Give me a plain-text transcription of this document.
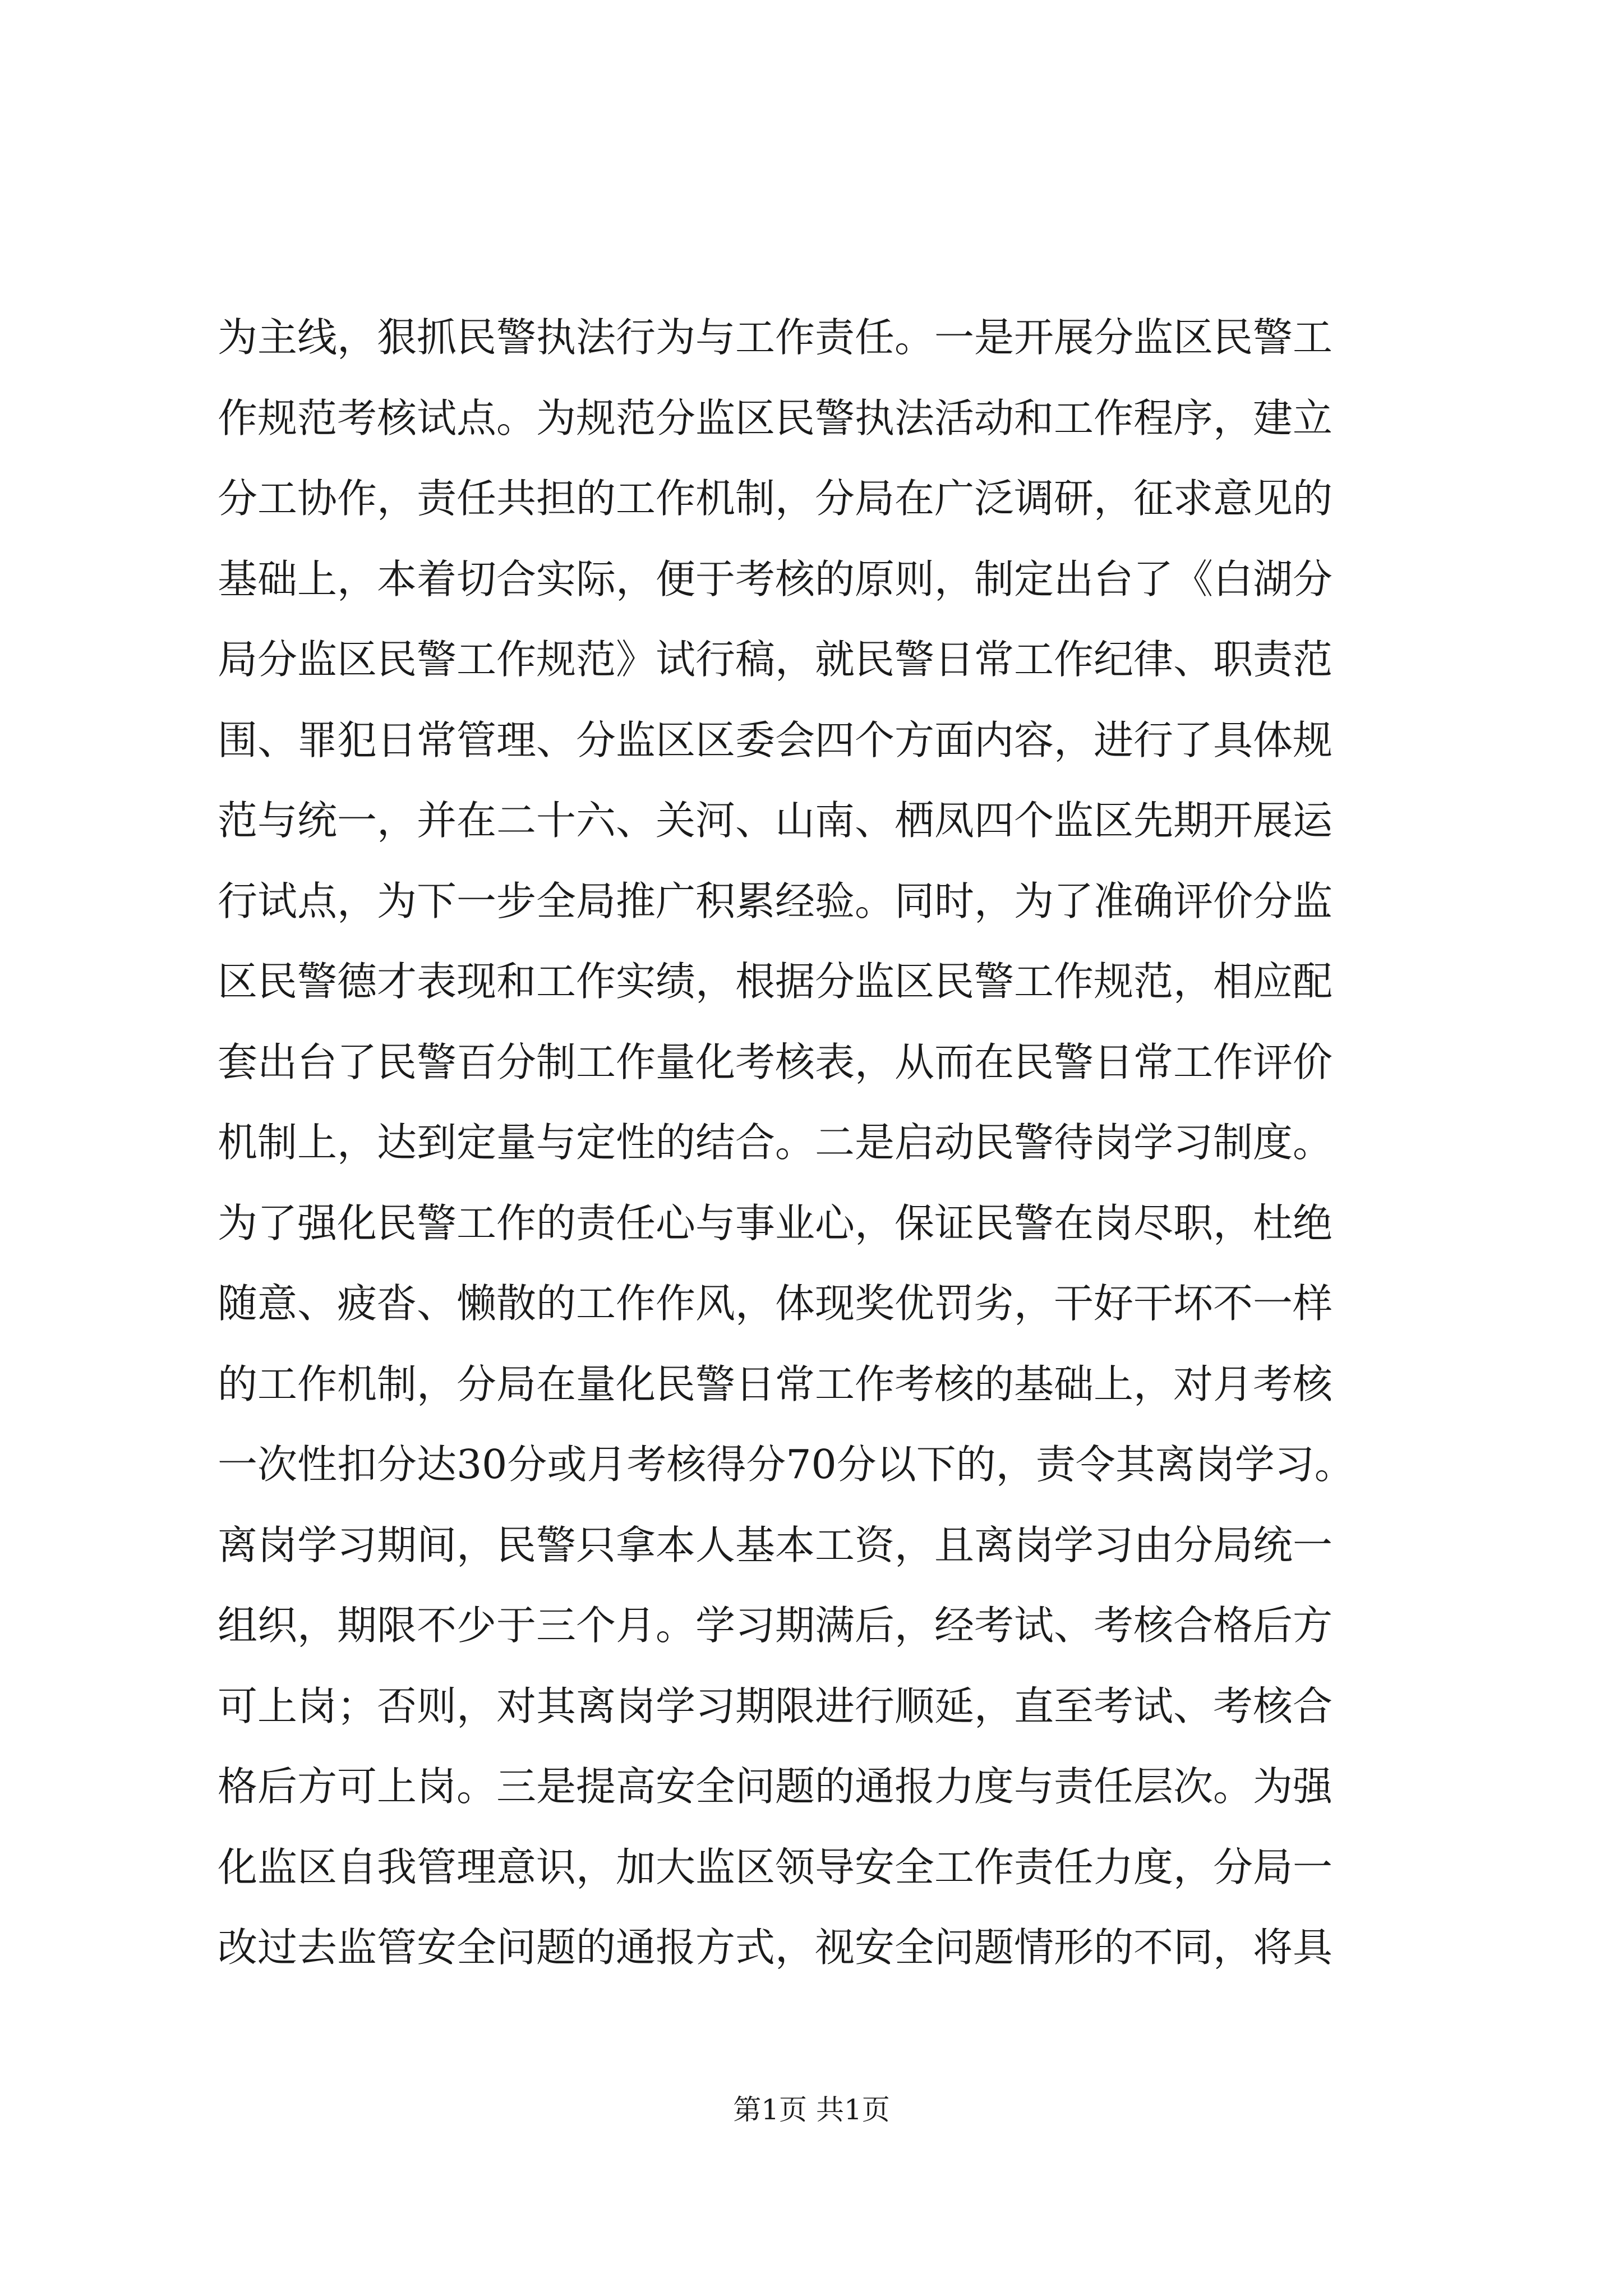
为主线，狠抓民警执法行为与工作责任。一是开展分监区民警工
作规范考核试点。为规范分监区民警执法活动和工作程序，建立
分工协作，责任共担的工作机制，分局在广泛调研，征求意见的
基础上，本着切合实际，便于考核的原则，制定出台了《白湖分
局分监区民警工作规范》试行稿，就民警日常工作纪律、职责范
围、罪犯日常管理、分监区区委会四个方面内容，进行了具体规
范与统一，并在二十六、关河、山南、栖凤四个监区先期开展运
行试点，为下一步全局推广积累经验。同时，为了准确评价分监
区民警德才表现和工作实绩，根据分监区民警工作规范，相应配
套出台了民警百分制工作量化考核表，从而在民警日常工作评价
机制上，达到定量与定性的结合。二是启动民警待岗学习制度。
为了强化民警工作的责任心与事业心，保证民警在岗尽职，杜绝
随意、疲沓、懒散的工作作风，体现奖优罚劣，干好干坏不一样
的工作机制，分局在量化民警日常工作考核的基础上，对月考核
一次性扣分达30分或月考核得分70分以下的，责令其离岗学习。
离岗学习期间，民警只拿本人基本工资，且离岗学习由分局统一
组织，期限不少于三个月。学习期满后，经考试、考核合格后方
可上岗；否则，对其离岗学习期限进行顺延，直至考试、考核合
格后方可上岗。三是提高安全问题的通报力度与责任层次。为强
化监区自我管理意识，加大监区领导安全工作责任力度，分局一
改过去监管安全问题的通报方式，视安全问题情形的不同，将具
第1页 共1页
